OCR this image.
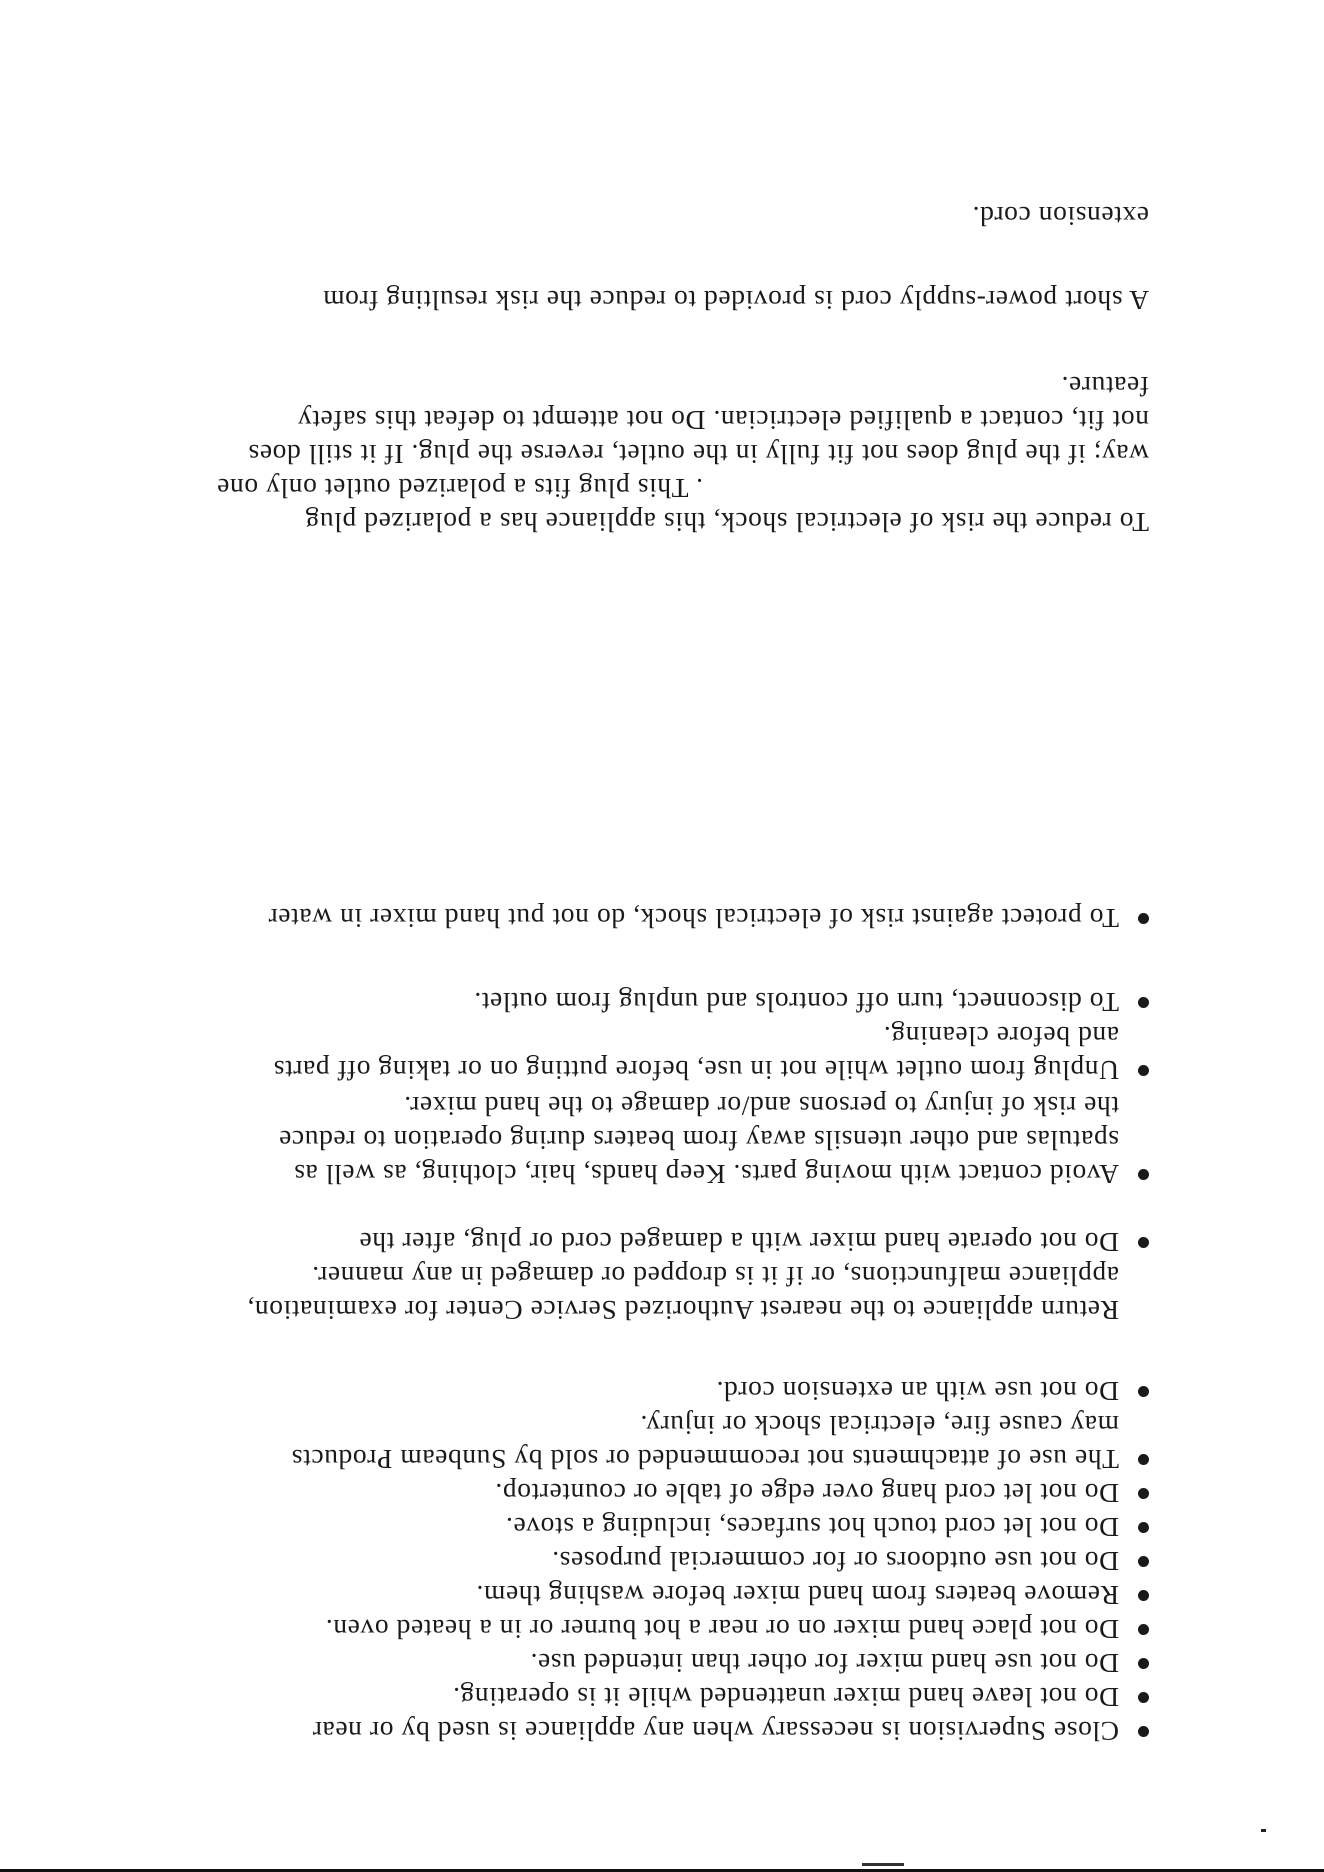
Close Supervision is necessary when any appliance is used by or near
Do not leave hand mixer unattended while it is operating.
Do not use hand mixer for other than intended use.
Do not place hand mixer on or near a hot burner or in a heated oven.
Remove beaters from hand mixer before washing them.
Do not use outdoors or for commercial purposes.
Do not let cord touch hot surfaces, including a stove.
Do not let cord hang over edge of table or countertop.
The use of attachments not recommended or sold by Sunbeam Products
may cause fire, electrical shock or injury.
Do not use with an extension cord.
Do not operate hand mixer with a damaged cord or plug, after the
appliance malfunctions, or if it is dropped or damaged in any manner.
Return appliance to the nearest Authorized Service Center for examination,
Avoid contact with moving parts. Keep hands, hair, clothing, as well as
spatulas and other utensils away from beaters during operation to reduce
the risk of injury to persons and/or damage to the hand mixer.
Unplug from outlet while not in use, before putting on or taking off parts
and before cleaning.
To disconnect, turn off controls and unplug from outlet.
To protect against risk of electrical shock, do not put hand mixer in water
To reduce the risk of electrical shock, this appliance has a polarized plug
. This plug fits a polarized outlet only one
way; if the plug does not fit fully in the outlet, reverse the plug. If it still does
not fit, contact a qualified electrician. Do not attempt to defeat this safety
feature.
A short power-supply cord is provided to reduce the risk resulting from
extension cord.
